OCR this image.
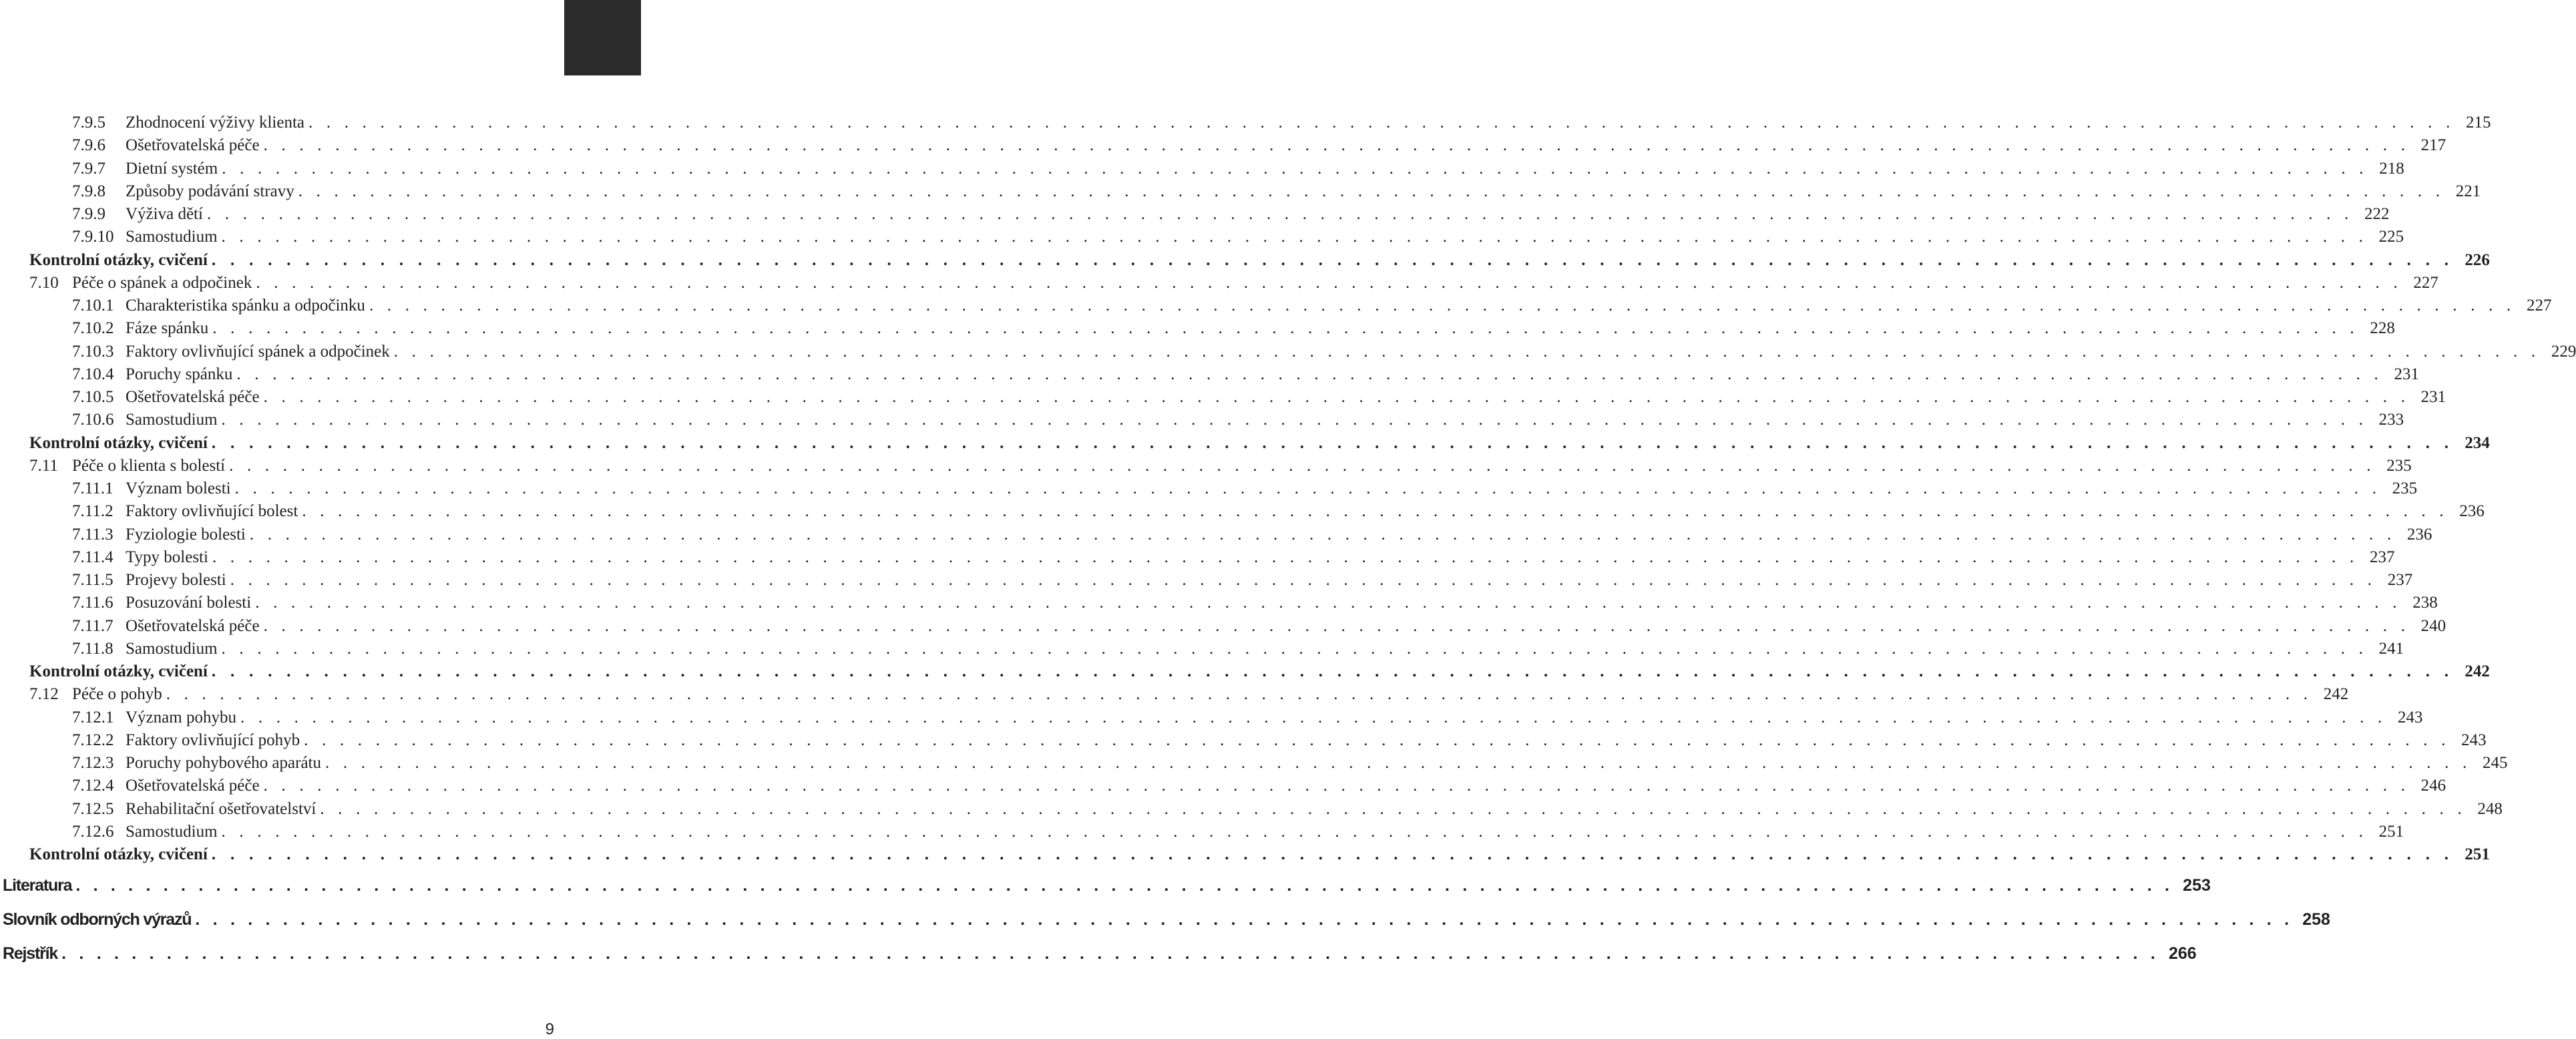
7.9.5	Zhodnocení výživy klienta . . . . . . . . . . . . . . . . . . . . . . . . . . . . . . . . . . . . . . . . . . . . . . . . . . . . . . . . . . . . . . . . . . . . . . . . . . . . . . . . . . . . . . . . . . . . . . . . . . . . . . . . . . . . . . . . . . . . . . . . 215
7.9.6	Ošetřovatelská péče . . . . . . . . . . . . . . . . . . . . . . . . . . . . . . . . . . . . . . . . . . . . . . . . . . . . . . . . . . . . . . . . . . . . . . . . . . . . . . . . . . . . . . . . . . . . . . . . . . . . . . . . . . . . . . . . . . . . . . . . 217
7.9.7	Dietní systém . . . . . . . . . . . . . . . . . . . . . . . . . . . . . . . . . . . . . . . . . . . . . . . . . . . . . . . . . . . . . . . . . . . . . . . . . . . . . . . . . . . . . . . . . . . . . . . . . . . . . . . . . . . . . . . . . . . . . . . . 218
7.9.8	Způsoby podávání stravy . . . . . . . . . . . . . . . . . . . . . . . . . . . . . . . . . . . . . . . . . . . . . . . . . . . . . . . . . . . . . . . . . . . . . . . . . . . . . . . . . . . . . . . . . . . . . . . . . . . . . . . . . . . . . . . . . . . . . . . . 221
7.9.9	Výživa dětí . . . . . . . . . . . . . . . . . . . . . . . . . . . . . . . . . . . . . . . . . . . . . . . . . . . . . . . . . . . . . . . . . . . . . . . . . . . . . . . . . . . . . . . . . . . . . . . . . . . . . . . . . . . . . . . . . . . . . . . . 222
7.9.10 Samostudium . . . . . . . . . . . . . . . . . . . . . . . . . . . . . . . . . . . . . . . . . . . . . . . . . . . . . . . . . . . . . . . . . . . . . . . . . . . . . . . . . . . . . . . . . . . . . . . . . . . . . . . . . . . . . . . . . . . . . . . . 225
Kontrolní otázky, cvičení . . . . . . . . . . . . . . . . . . . . . . . . . . . . . . . . . . . . . . . . . . . . . . . . . . . . . . . . . . . . . . . . . . . . . . . . . . . . . . . . . . . . . . . . . . . . . . . . . . . . . . . . . . . . . . . . . . . . . . . . 226
7.10 Péče o spánek a odpočinek . . . . . . . . . . . . . . . . . . . . . . . . . . . . . . . . . . . . . . . . . . . . . . . . . . . . . . . . . . . . . . . . . . . . . . . . . . . . . . . . . . . . . . . . . . . . . . . . . . . . . . . . . . . . . . . . . . . . . . . . 227
7.10.1 Charakteristika spánku a odpočinku . . . . . . . . . . . . . . . . . . . . . . . . . . . . . . . . . . . . . . . . . . . . . . . . . . . . . . . . . . . . . . . . . . . . . . . . . . . . . . . . . . . . . . . . . . . . . . . . . . . . . . . . . . . . . . . . . . . . . . . . 227
7.10.2 Fáze spánku . . . . . . . . . . . . . . . . . . . . . . . . . . . . . . . . . . . . . . . . . . . . . . . . . . . . . . . . . . . . . . . . . . . . . . . . . . . . . . . . . . . . . . . . . . . . . . . . . . . . . . . . . . . . . . . . . . . . . . . . 228
7.10.3 Faktory ovlivňující spánek a odpočinek . . . . . . . . . . . . . . . . . . . . . . . . . . . . . . . . . . . . . . . . . . . . . . . . . . . . . . . . . . . . . . . . . . . . . . . . . . . . . . . . . . . . . . . . . . . . . . . . . . . . . . . . . . . . . . . . . . . . . . . . 229
7.10.4 Poruchy spánku . . . . . . . . . . . . . . . . . . . . . . . . . . . . . . . . . . . . . . . . . . . . . . . . . . . . . . . . . . . . . . . . . . . . . . . . . . . . . . . . . . . . . . . . . . . . . . . . . . . . . . . . . . . . . . . . . . . . . . . . 231
7.10.5 Ošetřovatelská péče . . . . . . . . . . . . . . . . . . . . . . . . . . . . . . . . . . . . . . . . . . . . . . . . . . . . . . . . . . . . . . . . . . . . . . . . . . . . . . . . . . . . . . . . . . . . . . . . . . . . . . . . . . . . . . . . . . . . . . . . 231
7.10.6 Samostudium . . . . . . . . . . . . . . . . . . . . . . . . . . . . . . . . . . . . . . . . . . . . . . . . . . . . . . . . . . . . . . . . . . . . . . . . . . . . . . . . . . . . . . . . . . . . . . . . . . . . . . . . . . . . . . . . . . . . . . . . 233
Kontrolní otázky, cvičení . . . . . . . . . . . . . . . . . . . . . . . . . . . . . . . . . . . . . . . . . . . . . . . . . . . . . . . . . . . . . . . . . . . . . . . . . . . . . . . . . . . . . . . . . . . . . . . . . . . . . . . . . . . . . . . . . . . . . . . . 234
7.11 Péče o klienta s bolestí . . . . . . . . . . . . . . . . . . . . . . . . . . . . . . . . . . . . . . . . . . . . . . . . . . . . . . . . . . . . . . . . . . . . . . . . . . . . . . . . . . . . . . . . . . . . . . . . . . . . . . . . . . . . . . . . . . . . . . . . 235
7.11.1 Význam bolesti . . . . . . . . . . . . . . . . . . . . . . . . . . . . . . . . . . . . . . . . . . . . . . . . . . . . . . . . . . . . . . . . . . . . . . . . . . . . . . . . . . . . . . . . . . . . . . . . . . . . . . . . . . . . . . . . . . . . . . . . 235
7.11.2 Faktory ovlivňující bolest . . . . . . . . . . . . . . . . . . . . . . . . . . . . . . . . . . . . . . . . . . . . . . . . . . . . . . . . . . . . . . . . . . . . . . . . . . . . . . . . . . . . . . . . . . . . . . . . . . . . . . . . . . . . . . . . . . . . . . . . 236
7.11.3 Fyziologie bolesti . . . . . . . . . . . . . . . . . . . . . . . . . . . . . . . . . . . . . . . . . . . . . . . . . . . . . . . . . . . . . . . . . . . . . . . . . . . . . . . . . . . . . . . . . . . . . . . . . . . . . . . . . . . . . . . . . . . . . . . . 236
7.11.4 Typy bolesti . . . . . . . . . . . . . . . . . . . . . . . . . . . . . . . . . . . . . . . . . . . . . . . . . . . . . . . . . . . . . . . . . . . . . . . . . . . . . . . . . . . . . . . . . . . . . . . . . . . . . . . . . . . . . . . . . . . . . . . . 237
7.11.5 Projevy bolesti . . . . . . . . . . . . . . . . . . . . . . . . . . . . . . . . . . . . . . . . . . . . . . . . . . . . . . . . . . . . . . . . . . . . . . . . . . . . . . . . . . . . . . . . . . . . . . . . . . . . . . . . . . . . . . . . . . . . . . . . 237
7.11.6 Posuzování bolesti . . . . . . . . . . . . . . . . . . . . . . . . . . . . . . . . . . . . . . . . . . . . . . . . . . . . . . . . . . . . . . . . . . . . . . . . . . . . . . . . . . . . . . . . . . . . . . . . . . . . . . . . . . . . . . . . . . . . . . . . 238
7.11.7 Ošetřovatelská péče . . . . . . . . . . . . . . . . . . . . . . . . . . . . . . . . . . . . . . . . . . . . . . . . . . . . . . . . . . . . . . . . . . . . . . . . . . . . . . . . . . . . . . . . . . . . . . . . . . . . . . . . . . . . . . . . . . . . . . . . 240
7.11.8 Samostudium . . . . . . . . . . . . . . . . . . . . . . . . . . . . . . . . . . . . . . . . . . . . . . . . . . . . . . . . . . . . . . . . . . . . . . . . . . . . . . . . . . . . . . . . . . . . . . . . . . . . . . . . . . . . . . . . . . . . . . . . 241
Kontrolní otázky, cvičení . . . . . . . . . . . . . . . . . . . . . . . . . . . . . . . . . . . . . . . . . . . . . . . . . . . . . . . . . . . . . . . . . . . . . . . . . . . . . . . . . . . . . . . . . . . . . . . . . . . . . . . . . . . . . . . . . . . . . . . . 242
7.12 Péče o pohyb . . . . . . . . . . . . . . . . . . . . . . . . . . . . . . . . . . . . . . . . . . . . . . . . . . . . . . . . . . . . . . . . . . . . . . . . . . . . . . . . . . . . . . . . . . . . . . . . . . . . . . . . . . . . . . . . . . . . . . . . 242
7.12.1 Význam pohybu . . . . . . . . . . . . . . . . . . . . . . . . . . . . . . . . . . . . . . . . . . . . . . . . . . . . . . . . . . . . . . . . . . . . . . . . . . . . . . . . . . . . . . . . . . . . . . . . . . . . . . . . . . . . . . . . . . . . . . . . 243
7.12.2 Faktory ovlivňující pohyb . . . . . . . . . . . . . . . . . . . . . . . . . . . . . . . . . . . . . . . . . . . . . . . . . . . . . . . . . . . . . . . . . . . . . . . . . . . . . . . . . . . . . . . . . . . . . . . . . . . . . . . . . . . . . . . . . . . . . . . . 243
7.12.3 Poruchy pohybového aparátu . . . . . . . . . . . . . . . . . . . . . . . . . . . . . . . . . . . . . . . . . . . . . . . . . . . . . . . . . . . . . . . . . . . . . . . . . . . . . . . . . . . . . . . . . . . . . . . . . . . . . . . . . . . . . . . . . . . . . . . . 245
7.12.4 Ošetřovatelská péče . . . . . . . . . . . . . . . . . . . . . . . . . . . . . . . . . . . . . . . . . . . . . . . . . . . . . . . . . . . . . . . . . . . . . . . . . . . . . . . . . . . . . . . . . . . . . . . . . . . . . . . . . . . . . . . . . . . . . . . . 246
7.12.5 Rehabilitační ošetřovatelství . . . . . . . . . . . . . . . . . . . . . . . . . . . . . . . . . . . . . . . . . . . . . . . . . . . . . . . . . . . . . . . . . . . . . . . . . . . . . . . . . . . . . . . . . . . . . . . . . . . . . . . . . . . . . . . . . . . . . . . . 248
7.12.6 Samostudium . . . . . . . . . . . . . . . . . . . . . . . . . . . . . . . . . . . . . . . . . . . . . . . . . . . . . . . . . . . . . . . . . . . . . . . . . . . . . . . . . . . . . . . . . . . . . . . . . . . . . . . . . . . . . . . . . . . . . . . . 251
Kontrolní otázky, cvičení . . . . . . . . . . . . . . . . . . . . . . . . . . . . . . . . . . . . . . . . . . . . . . . . . . . . . . . . . . . . . . . . . . . . . . . . . . . . . . . . . . . . . . . . . . . . . . . . . . . . . . . . . . . . . . . . . . . . . . . . 251
Literatura . . . . . . . . . . . . . . . . . . . . . . . . . . . . . . . . . . . . . . . . . . . . . . . . . . . . . . . . . . . . . . . . . . . . . . . . . . . . . . . . . . . . . . . . . . . . . . . . . . . . . . . . . . . . . . . . . . . . . . . . 253
Slovník odborných výrazů . . . . . . . . . . . . . . . . . . . . . . . . . . . . . . . . . . . . . . . . . . . . . . . . . . . . . . . . . . . . . . . . . . . . . . . . . . . . . . . . . . . . . . . . . . . . . . . . . . . . . . . . . . . . . . . . . . . . . . . . 258
Rejstřík . . . . . . . . . . . . . . . . . . . . . . . . . . . . . . . . . . . . . . . . . . . . . . . . . . . . . . . . . . . . . . . . . . . . . . . . . . . . . . . . . . . . . . . . . . . . . . . . . . . . . . . . . . . . . . . . . . . . . . . . 266
9
